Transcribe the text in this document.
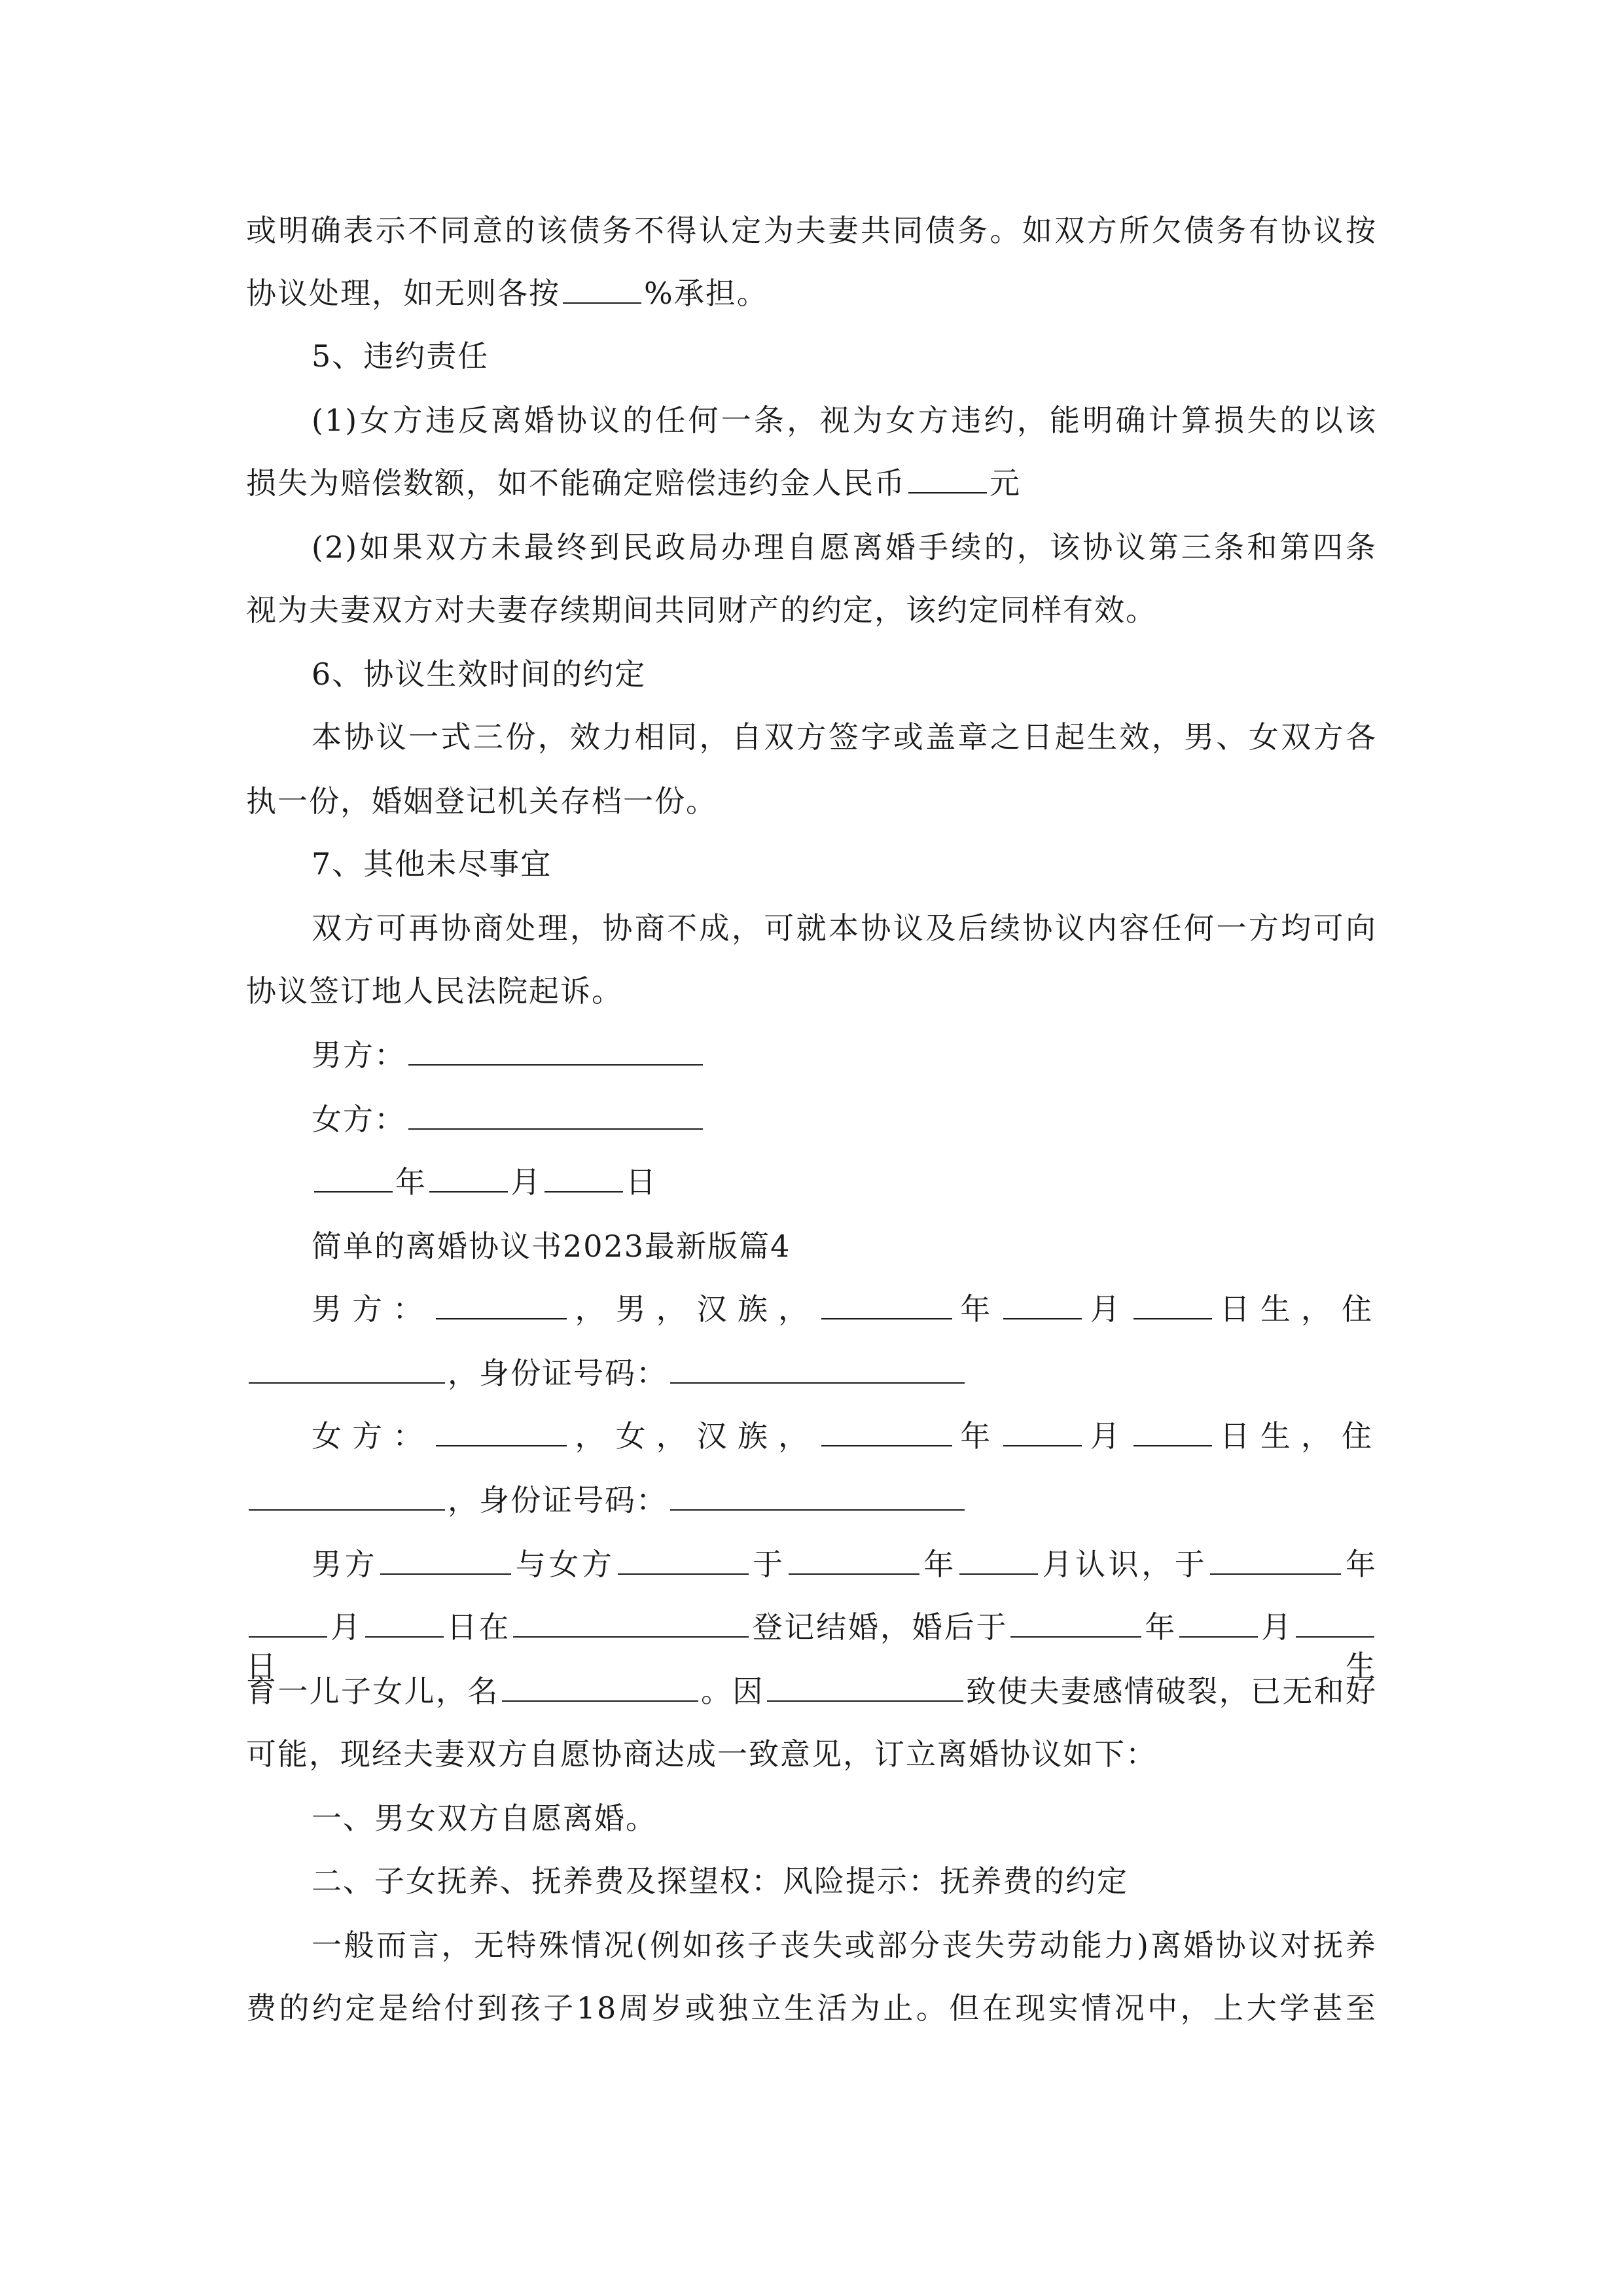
或明确表示不同意的该债务不得认定为夫妻共同债务。如双方所欠债务有协议按
协议处理，如无则各按	%承担。
5、违约责任
(1)女方违反离婚协议的任何一条，视为女方违约，能明确计算损失的以该
损失为赔偿数额，如不能确定赔偿违约金人民币	元
(2)如果双方未最终到民政局办理自愿离婚手续的，该协议第三条和第四条
视为夫妻双方对夫妻存续期间共同财产的约定，该约定同样有效。
6、协议生效时间的约定
本协议一式三份，效力相同，自双方签字或盖章之日起生效，男、女双方各
执一份，婚姻登记机关存档一份。
7、其他未尽事宜
双方可再协商处理，协商不成，可就本协议及后续协议内容任何一方均可向
协议签订地人民法院起诉。
男方：
女方：
年	月	日
简单的离婚协议书2023最新版篇4
男方：	，男，汉族，	年	月	日生，住
，身份证号码：
女方：	，女，汉族，	年	月	日生，住
，身份证号码：
男方	与女方	于	年	月认识，于	年
月	日在	登记结婚，婚后于	年	月日生
育一儿子女儿，名	。因	致使夫妻感情破裂，已无和好
可能，现经夫妻双方自愿协商达成一致意见，订立离婚协议如下：
一、男女双方自愿离婚。
二、子女抚养、抚养费及探望权：风险提示：抚养费的约定
一般而言，无特殊情况(例如孩子丧失或部分丧失劳动能力)离婚协议对抚养
费的约定是给付到孩子18周岁或独立生活为止。但在现实情况中，上大学甚至
